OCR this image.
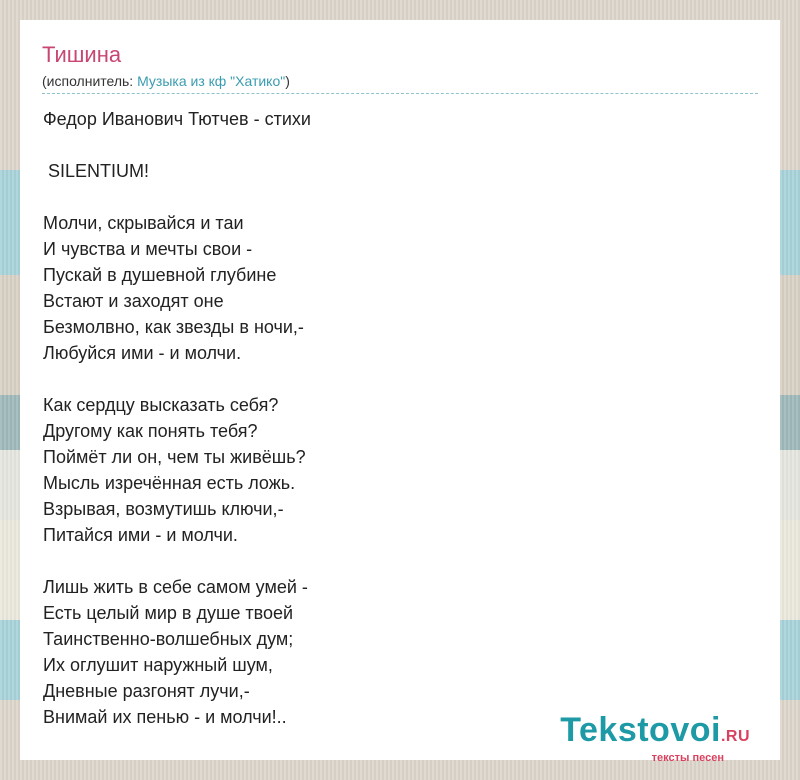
Тишина
(исполнитель: Музыка из кф "Хатико")
Федор Иванович Тютчев - стихи
SILENTIUM!
Молчи, скрывайся и таи
И чувства и мечты свои -
Пускай в душевной глубине
Встают и заходят оне
Безмолвно, как звезды в ночи,-
Любуйся ими - и молчи.
Как сердцу высказать себя?
Другому как понять тебя?
Поймёт ли он, чем ты живёшь?
Мысль изречённая есть ложь.
Взрывая, возмутишь ключи,-
Питайся ими - и молчи.
Лишь жить в себе самом умей -
Есть целый мир в душе твоей
Таинственно-волшебных дум;
Их оглушит наружный шум,
Дневные разгонят лучи,-
Внимай их пенью - и молчи!..	Tekstovoi.RU
тексты песен
